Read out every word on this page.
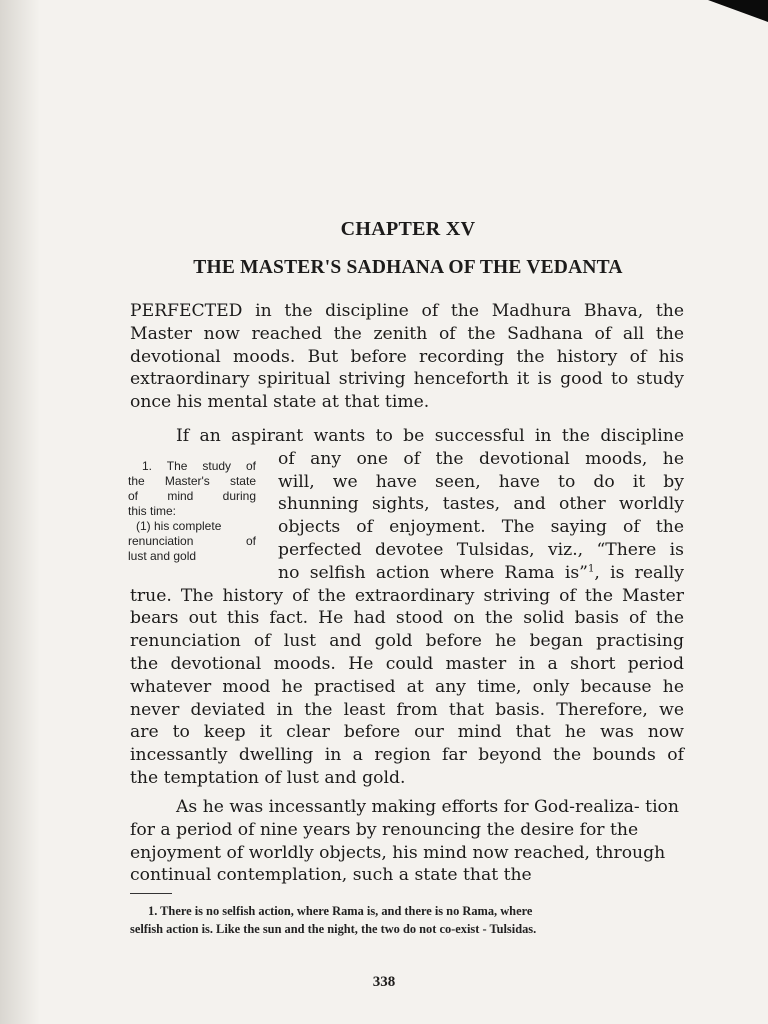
CHAPTER XV
THE MASTER'S SADHANA OF THE VEDANTA
PERFECTED in the discipline of the Madhura Bhava, the
Master now reached the zenith of the Sadhana of all the
devotional moods. But before recording the history of his
extraordinary spiritual striving henceforth it is good to study
once his mental state at that time.
If an aspirant wants to be successful in the discipline
of any one of the devotional moods, he
will, we have seen, have to do it by
shunning sights, tastes, and other worldly
objects of enjoyment. The saying of the
perfected devotee Tulsidas, viz., “There is
no selfish action where Rama is”$^1$, is really
true. The history of the extraordinary striving of the Master
bears out this fact. He had stood on the solid basis of the
renunciation of lust and gold before he began practising
the devotional moods. He could master in a short period
whatever mood he practised at any time, only because he
never deviated in the least from that basis. Therefore, we
are to keep it clear before our mind that he was now
incessantly dwelling in a region far beyond the bounds of
the temptation of lust and gold.
1. The study of
the Master's state
of mind during
this time:
(1) his complete
renunciation of
lust and gold
As he was incessantly making efforts for God-realiza- tion for a period of nine years by renouncing the desire for the enjoyment of worldly objects, his mind now reached, through continual contemplation, such a state that the
1. There is no selfish action, where Rama is, and there is no Rama, where
selfish action is. Like the sun and the night, the two do not co-exist - Tulsidas.
338
